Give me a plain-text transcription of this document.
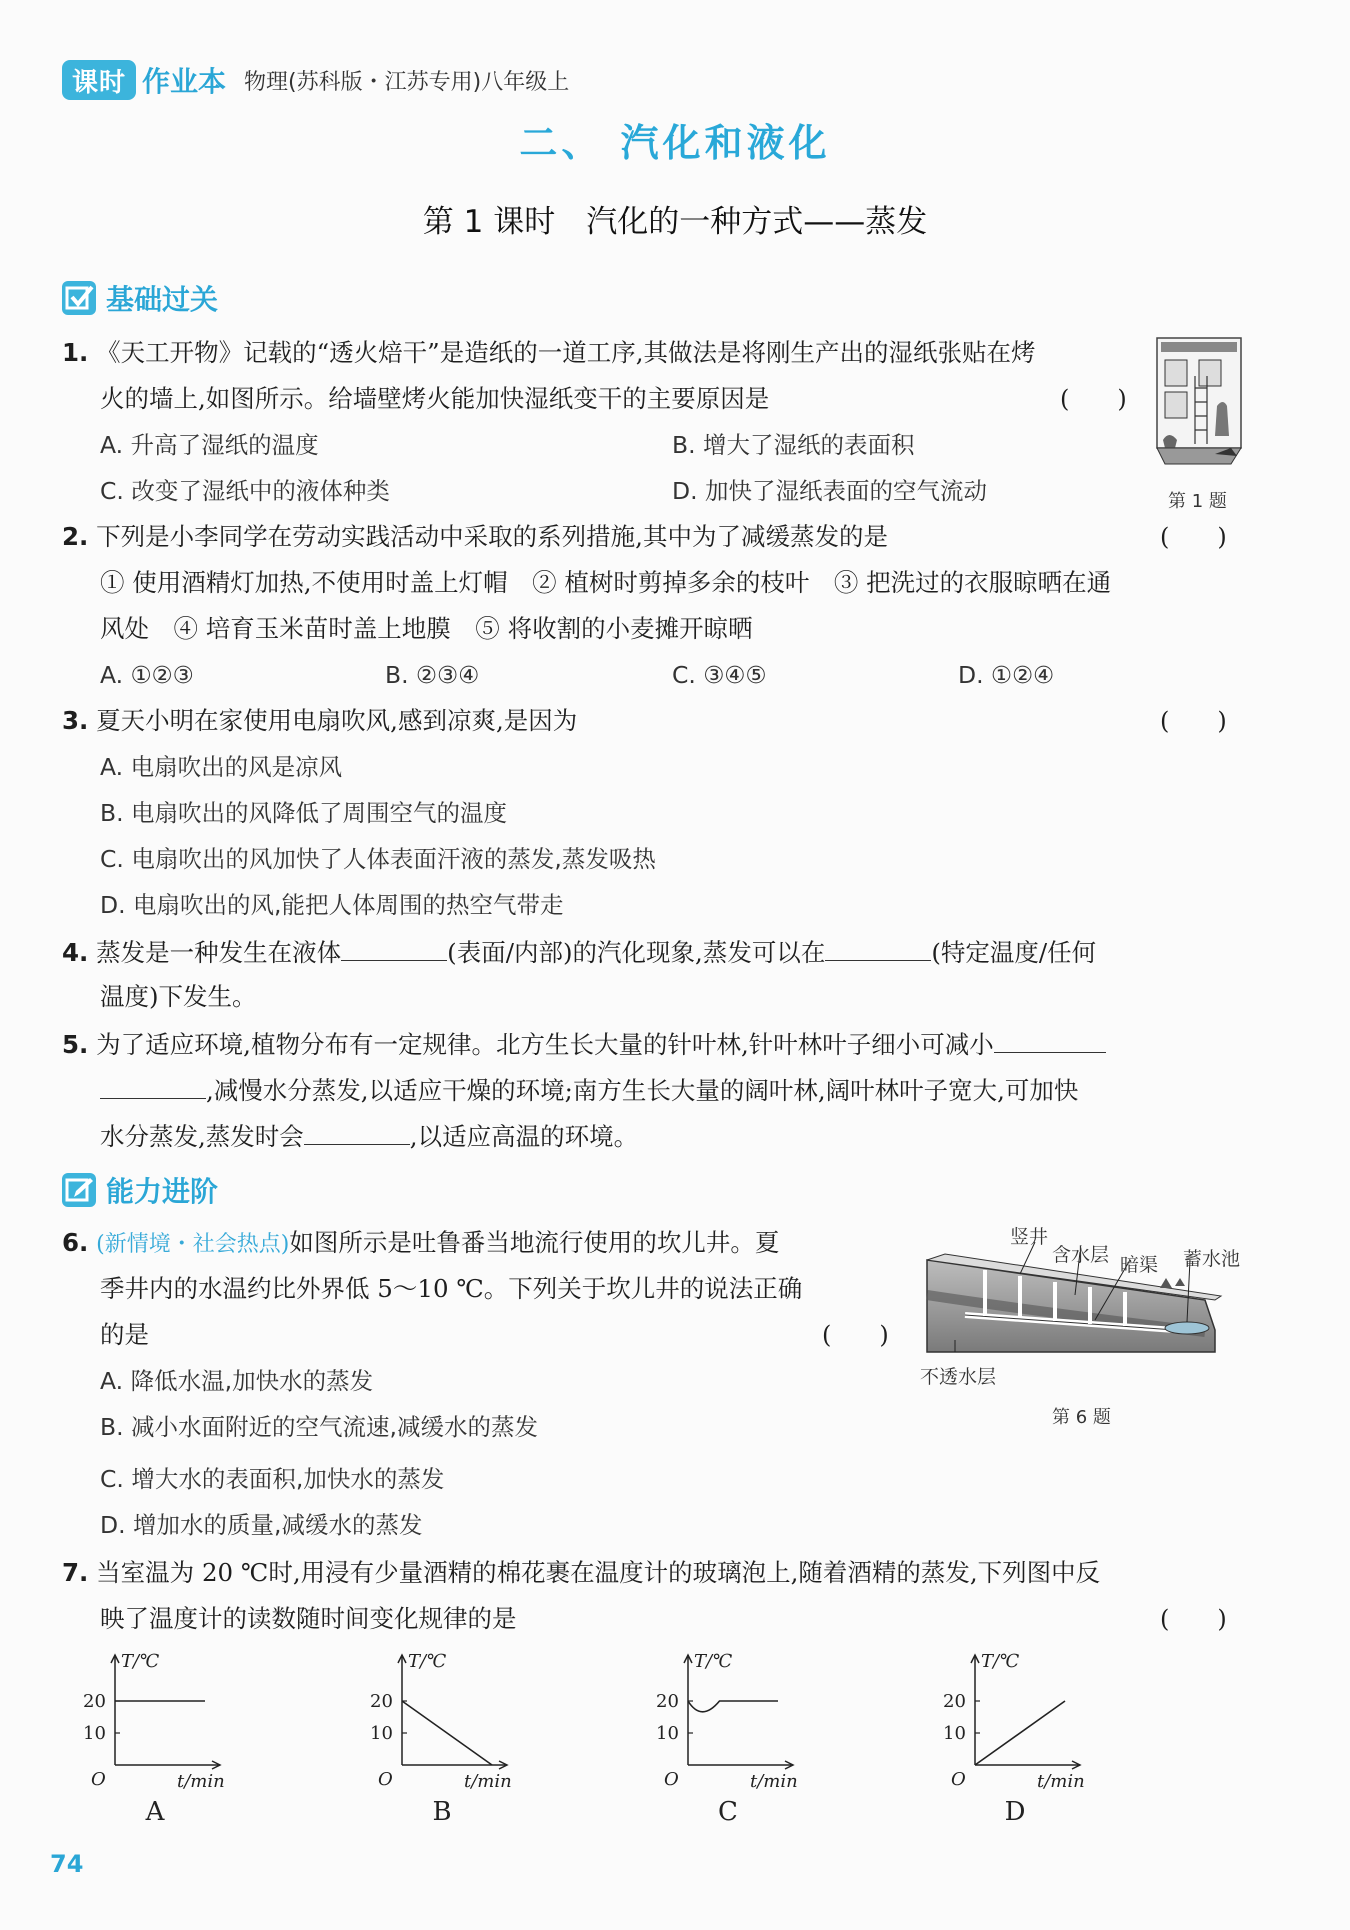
课时 作业本 物理(苏科版・江苏专用)八年级上
二、 汽化和液化
第 1 课时　汽化的一种方式——蒸发
基础过关
1. 《天工开物》记载的“透火焙干”是造纸的一道工序,其做法是将刚生产出的湿纸张贴在烤
火的墙上,如图所示。给墙壁烤火能加快湿纸变干的主要原因是	(　　)
A. 升高了湿纸的温度	B. 增大了湿纸的表面积
C. 改变了湿纸中的液体种类	D. 加快了湿纸表面的空气流动	第 1 题
2. 下列是小李同学在劳动实践活动中采取的系列措施,其中为了减缓蒸发的是	(　　)
① 使用酒精灯加热,不使用时盖上灯帽　② 植树时剪掉多余的枝叶　③ 把洗过的衣服晾晒在通
风处　④ 培育玉米苗时盖上地膜　⑤ 将收割的小麦摊开晾晒
A. ①②③	B. ②③④	C. ③④⑤	D. ①②④
3. 夏天小明在家使用电扇吹风,感到凉爽,是因为	(　　)
A. 电扇吹出的风是凉风
B. 电扇吹出的风降低了周围空气的温度
C. 电扇吹出的风加快了人体表面汗液的蒸发,蒸发吸热
D. 电扇吹出的风,能把人体周围的热空气带走
4. 蒸发是一种发生在液体	(表面/内部)的汽化现象,蒸发可以在	(特定温度/任何
温度)下发生。
5. 为了适应环境,植物分布有一定规律。北方生长大量的针叶林,针叶林叶子细小可减小
,减慢水分蒸发,以适应干燥的环境;南方生长大量的阔叶林,阔叶林叶子宽大,可加快
水分蒸发,蒸发时会	,以适应高温的环境。
能力进阶
6. (新情境・社会热点)如图所示是吐鲁番当地流行使用的坎儿井。夏
季井内的水温约比外界低 5～10 ℃。下列关于坎儿井的说法正确
的是	(　　)
A. 降低水温,加快水的蒸发
B. 减小水面附近的空气流速,减缓水的蒸发
C. 增大水的表面积,加快水的蒸发
D. 增加水的质量,减缓水的蒸发
竖井
含水层 暗渠 蓄水池
不透水层
第 6 题
7. 当室温为 20 ℃时,用浸有少量酒精的棉花裹在温度计的玻璃泡上,随着酒精的蒸发,下列图中反
映了温度计的读数随时间变化规律的是	(　　)
T/℃
t/min
O
10
20
A
T/℃
t/min
O
10
20
B
T/℃
t/min
O
10
20
C
T/℃
t/min
O
10
20
D
74
